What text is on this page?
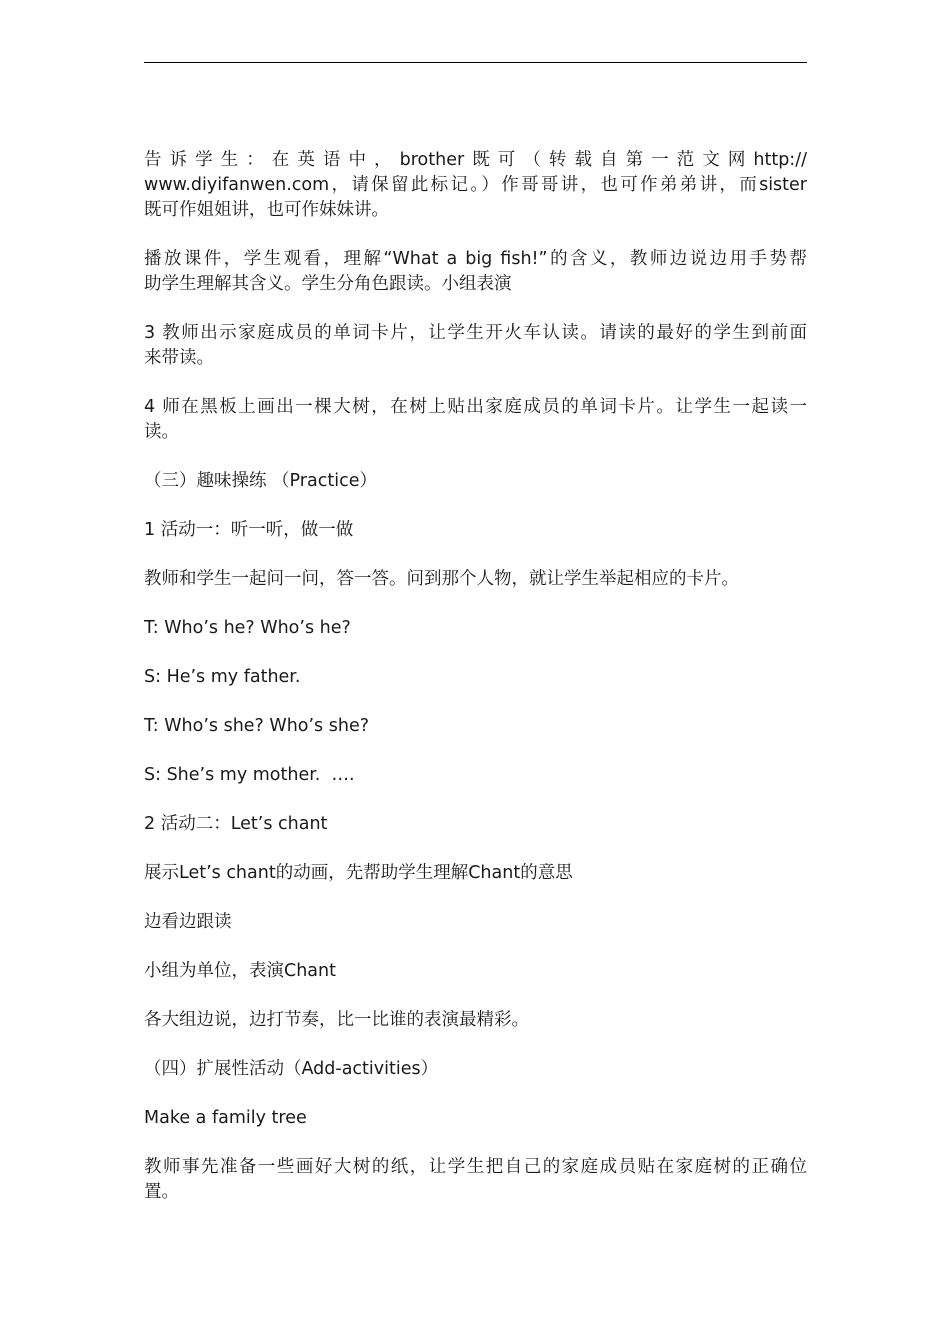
告诉学生：在英语中，brother既可（转载自第一范文网http://
www.diyifanwen.com，请保留此标记。）作哥哥讲，也可作弟弟讲，而sister
既可作姐姐讲，也可作妹妹讲。

播放课件，学生观看，理解“What a big fish!”的含义，教师边说边用手势帮
助学生理解其含义。学生分角色跟读。小组表演

3 教师出示家庭成员的单词卡片，让学生开火车认读。请读的最好的学生到前面
来带读。

4 师在黑板上画出一棵大树，在树上贴出家庭成员的单词卡片。让学生一起读一
读。

（三）趣味操练 （Practice）

1 活动一：听一听，做一做

教师和学生一起问一问，答一答。问到那个人物，就让学生举起相应的卡片。

T: Who’s he? Who’s he?

S: He’s my father.

T: Who’s she? Who’s she?

S: She’s my mother.  ….

2 活动二：Let’s chant

展示Let’s chant的动画，先帮助学生理解Chant的意思

边看边跟读

小组为单位，表演Chant

各大组边说，边打节奏，比一比谁的表演最精彩。

（四）扩展性活动（Add-activities）

Make a family tree

教师事先准备一些画好大树的纸，让学生把自己的家庭成员贴在家庭树的正确位
置。
